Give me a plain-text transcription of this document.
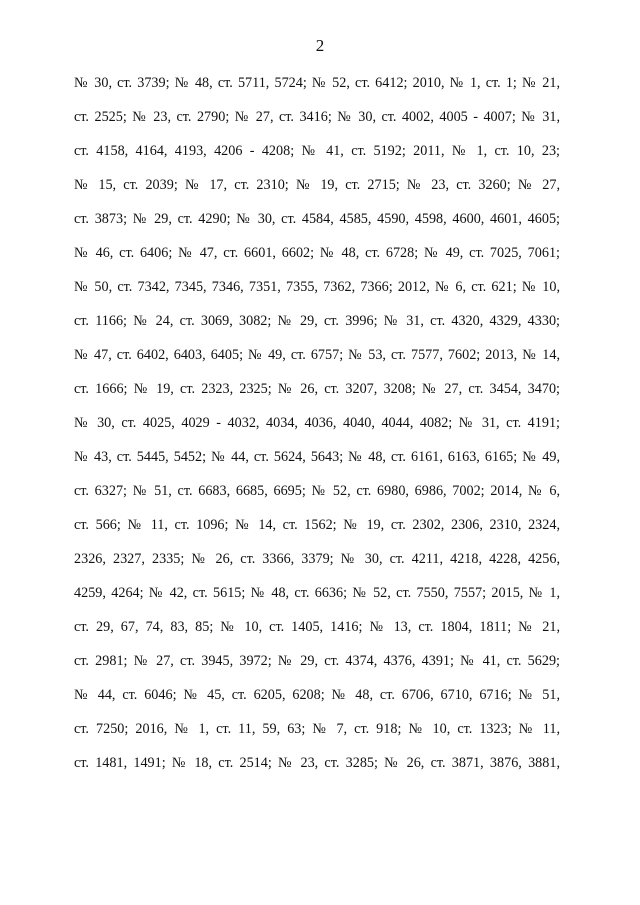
2
№ 30, ст. 3739; № 48, ст. 5711, 5724; № 52, ст. 6412; 2010, № 1, ст. 1; № 21,
ст. 2525; № 23, ст. 2790; № 27, ст. 3416; № 30, ст. 4002, 4005 - 4007; № 31,
ст. 4158, 4164, 4193, 4206 - 4208; № 41, ст. 5192; 2011, № 1, ст. 10, 23;
№ 15, ст. 2039; № 17, ст. 2310; № 19, ст. 2715; № 23, ст. 3260; № 27,
ст. 3873; № 29, ст. 4290; № 30, ст. 4584, 4585, 4590, 4598, 4600, 4601, 4605;
№ 46, ст. 6406; № 47, ст. 6601, 6602; № 48, ст. 6728; № 49, ст. 7025, 7061;
№ 50, ст. 7342, 7345, 7346, 7351, 7355, 7362, 7366; 2012, № 6, ст. 621; № 10,
ст. 1166; № 24, ст. 3069, 3082; № 29, ст. 3996; № 31, ст. 4320, 4329, 4330;
№ 47, ст. 6402, 6403, 6405; № 49, ст. 6757; № 53, ст. 7577, 7602; 2013, № 14,
ст. 1666; № 19, ст. 2323, 2325; № 26, ст. 3207, 3208; № 27, ст. 3454, 3470;
№ 30, ст. 4025, 4029 - 4032, 4034, 4036, 4040, 4044, 4082; № 31, ст. 4191;
№ 43, ст. 5445, 5452; № 44, ст. 5624, 5643; № 48, ст. 6161, 6163, 6165; № 49,
ст. 6327; № 51, ст. 6683, 6685, 6695; № 52, ст. 6980, 6986, 7002; 2014, № 6,
ст. 566; № 11, ст. 1096; № 14, ст. 1562; № 19, ст. 2302, 2306, 2310, 2324,
2326, 2327, 2335; № 26, ст. 3366, 3379; № 30, ст. 4211, 4218, 4228, 4256,
4259, 4264; № 42, ст. 5615; № 48, ст. 6636; № 52, ст. 7550, 7557; 2015, № 1,
ст. 29, 67, 74, 83, 85; № 10, ст. 1405, 1416; № 13, ст. 1804, 1811; № 21,
ст. 2981; № 27, ст. 3945, 3972; № 29, ст. 4374, 4376, 4391; № 41, ст. 5629;
№ 44, ст. 6046; № 45, ст. 6205, 6208; № 48, ст. 6706, 6710, 6716; № 51,
ст. 7250; 2016, № 1, ст. 11, 59, 63; № 7, ст. 918; № 10, ст. 1323; № 11,
ст. 1481, 1491; № 18, ст. 2514; № 23, ст. 3285; № 26, ст. 3871, 3876, 3881,
